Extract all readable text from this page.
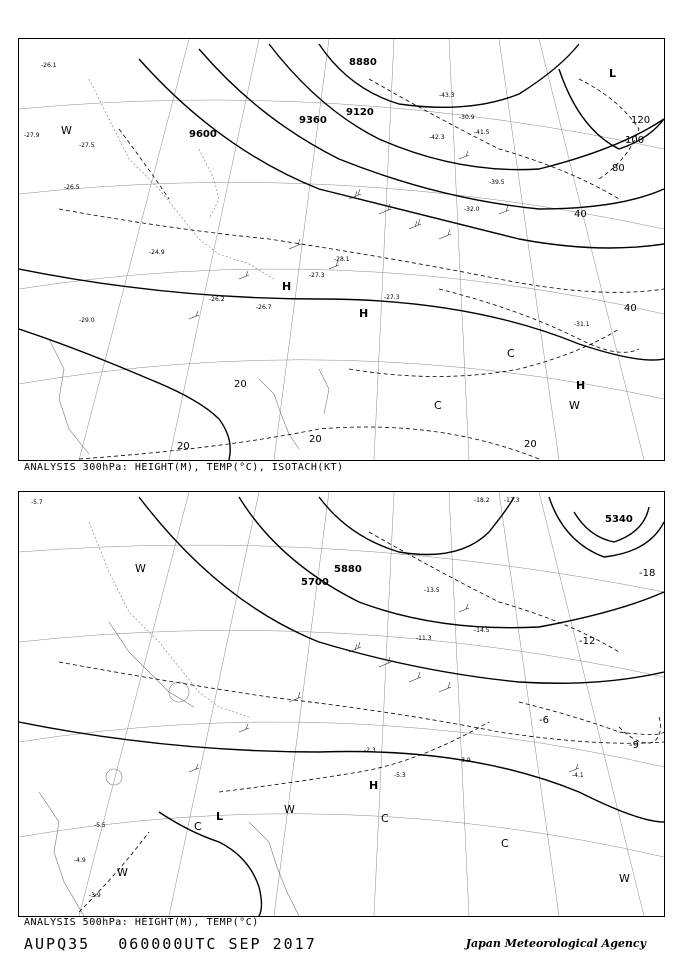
9600
9360
9120
8880
20
20
20	20
40
40
80
100
120
H
H
H
L
C
C
W
W
-26.1
-27.9
-27.5
-26.5
-24.9
-26.2
-27.3
-29.0
-27.3
-31.1
-30.9
-41.5
-43.3
-42.3
-39.5
-32.0
-28.1
-26.7
ANALYSIS 300hPa: HEIGHT(M), TEMP(°C), ISOTACH(KT)
5880
5700
5340
-6
-9
-12
-18
H
L
C
C
C
W
W
W	W
-5.7
-3.9
-4.1
-2.3
-5.3
-13.5
-11.3
-18.2 -17.3
-14.5
-4.9
-5.5
-3.9
ANALYSIS 500hPa: HEIGHT(M), TEMP(°C)
AUPQ35 060000UTC SEP 2017	Japan Meteorological Agency
